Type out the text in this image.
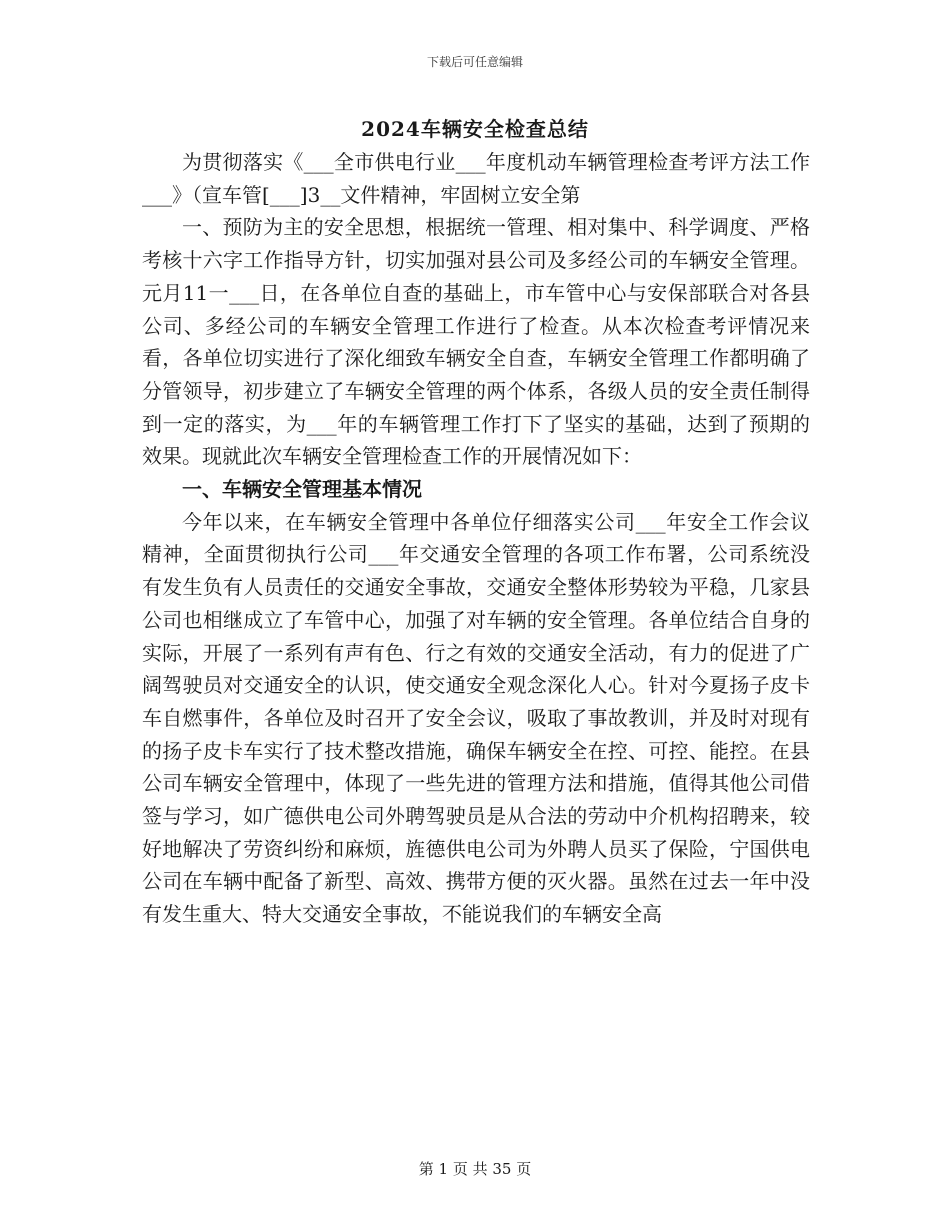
下载后可任意编辑
2024车辆安全检查总结

为贯彻落实《___全市供电行业___年度机动车辆管理检查考评方法工作___》（宣车管[___]3__文件精神，牢固树立安全第

一、预防为主的安全思想，根据统一管理、相对集中、科学调度、严格考核十六字工作指导方针，切实加强对县公司及多经公司的车辆安全管理。元月11一___日，在各单位自查的基础上，市车管中心与安保部联合对各县公司、多经公司的车辆安全管理工作进行了检查。从本次检查考评情况来看，各单位切实进行了深化细致车辆安全自查，车辆安全管理工作都明确了分管领导，初步建立了车辆安全管理的两个体系，各级人员的安全责任制得到一定的落实，为___年的车辆管理工作打下了坚实的基础，达到了预期的效果。现就此次车辆安全管理检查工作的开展情况如下：

一、车辆安全管理基本情况

今年以来，在车辆安全管理中各单位仔细落实公司___年安全工作会议精神，全面贯彻执行公司___年交通安全管理的各项工作布署，公司系统没有发生负有人员责任的交通安全事故，交通安全整体形势较为平稳，几家县公司也相继成立了车管中心，加强了对车辆的安全管理。各单位结合自身的实际，开展了一系列有声有色、行之有效的交通安全活动，有力的促进了广阔驾驶员对交通安全的认识，使交通安全观念深化人心。针对今夏扬子皮卡车自燃事件，各单位及时召开了安全会议，吸取了事故教训，并及时对现有的扬子皮卡车实行了技术整改措施，确保车辆安全在控、可控、能控。在县公司车辆安全管理中，体现了一些先进的管理方法和措施，值得其他公司借签与学习，如广德供电公司外聘驾驶员是从合法的劳动中介机构招聘来，较好地解决了劳资纠纷和麻烦，旌德供电公司为外聘人员买了保险，宁国供电公司在车辆中配备了新型、高效、携带方便的灭火器。虽然在过去一年中没有发生重大、特大交通安全事故，不能说我们的车辆安全高

第 1 页 共 35 页
